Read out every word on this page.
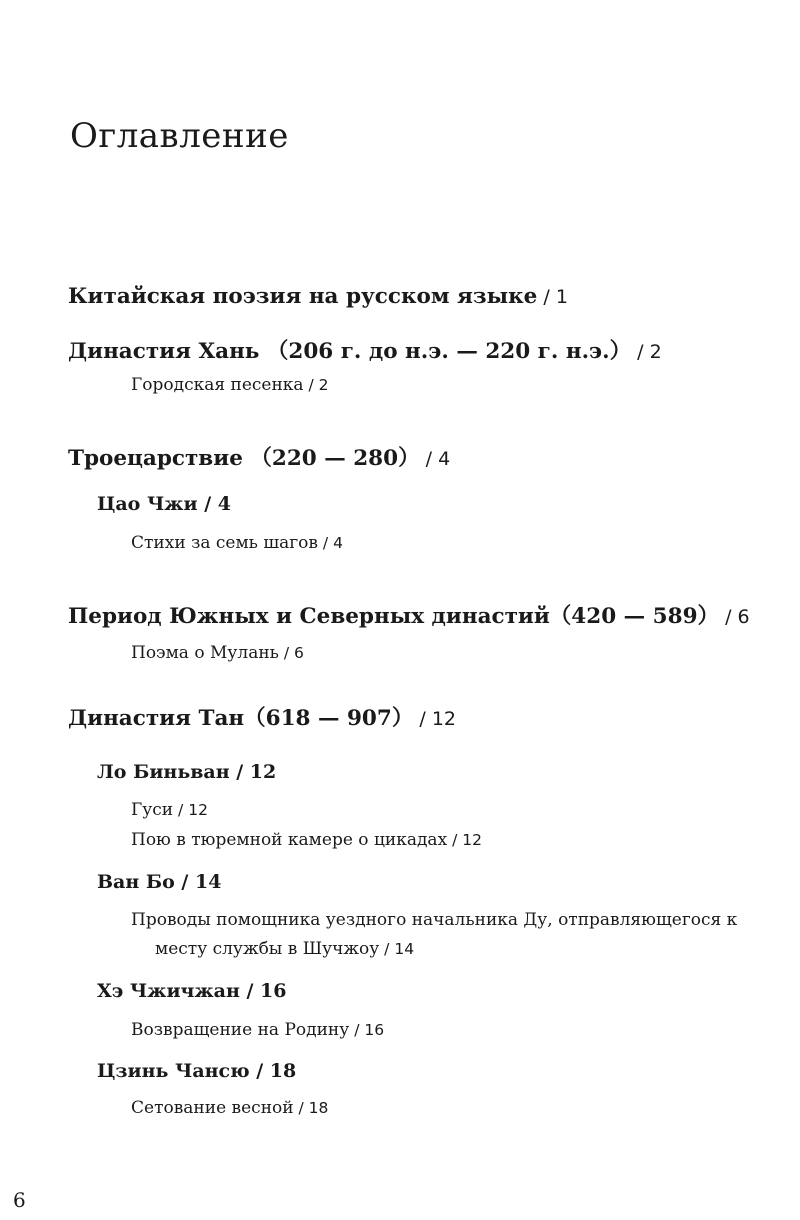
Оглавление
Китайская поэзия на русском языке / 1
Династия Хань （206 г. до н.э. — 220 г. н.э.） / 2
Городская песенка / 2
Троецарствие （220 — 280） / 4
Цао Чжи / 4
Стихи за семь шагов / 4
Период Южных и Северных династий（420 — 589） / 6
Поэма о Мулань / 6
Династия Тан（618 — 907） / 12
Ло Биньван / 12
Гуси / 12
Пою в тюремной камере о цикадах / 12
Ван Бо / 14
Проводы помощника уездного начальника Ду, отправляющегося к
месту службы в Шучжоу / 14
Хэ Чжичжан / 16
Возвращение на Родину / 16
Цзинь Чансю / 18
Сетование весной / 18
6
